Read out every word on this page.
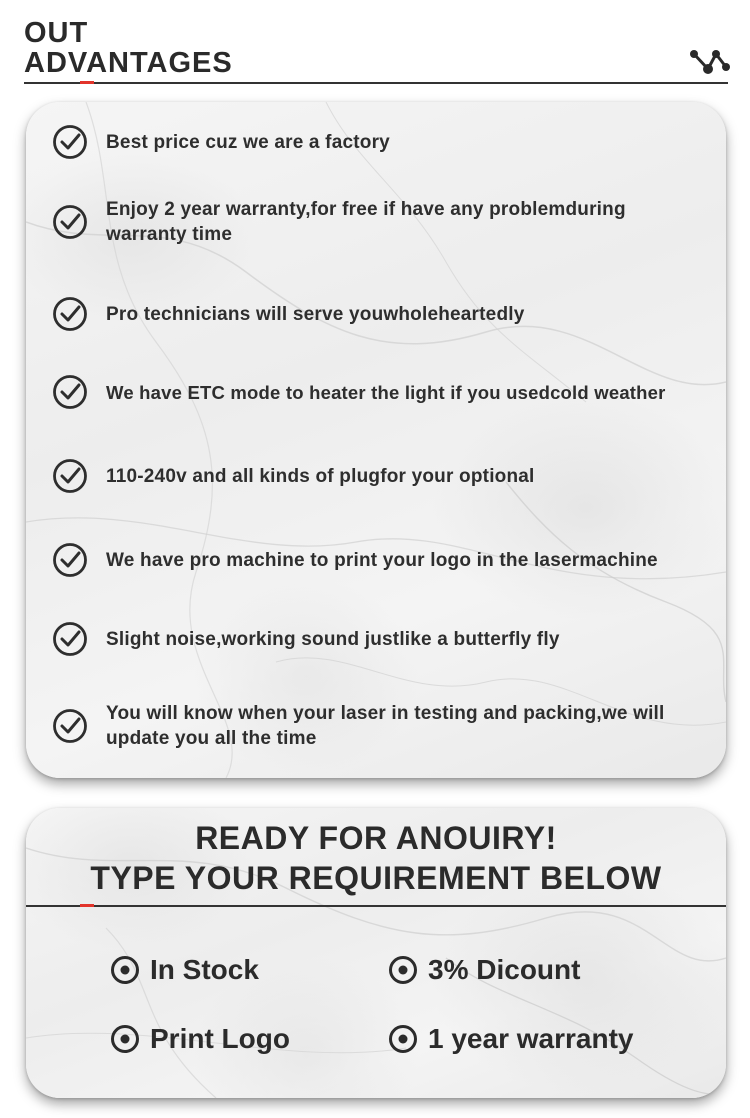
OUT
ADVANTAGES
Best price cuz we are a factory
Enjoy 2 year warranty,for free if have any problemduring warranty time
Pro technicians will serve youwholeheartedly
We have ETC mode to heater the light if you usedcold weather
110-240v and all kinds of plugfor your optional
We have pro machine to print your logo in the lasermachine
Slight noise,working sound justlike a butterfly fly
You will know when your laser in testing and packing,we will update you all the time
READY FOR ANOUIRY!
TYPE YOUR REQUIREMENT BELOW
In Stock	3% Dicount
Print Logo	1 year warranty
